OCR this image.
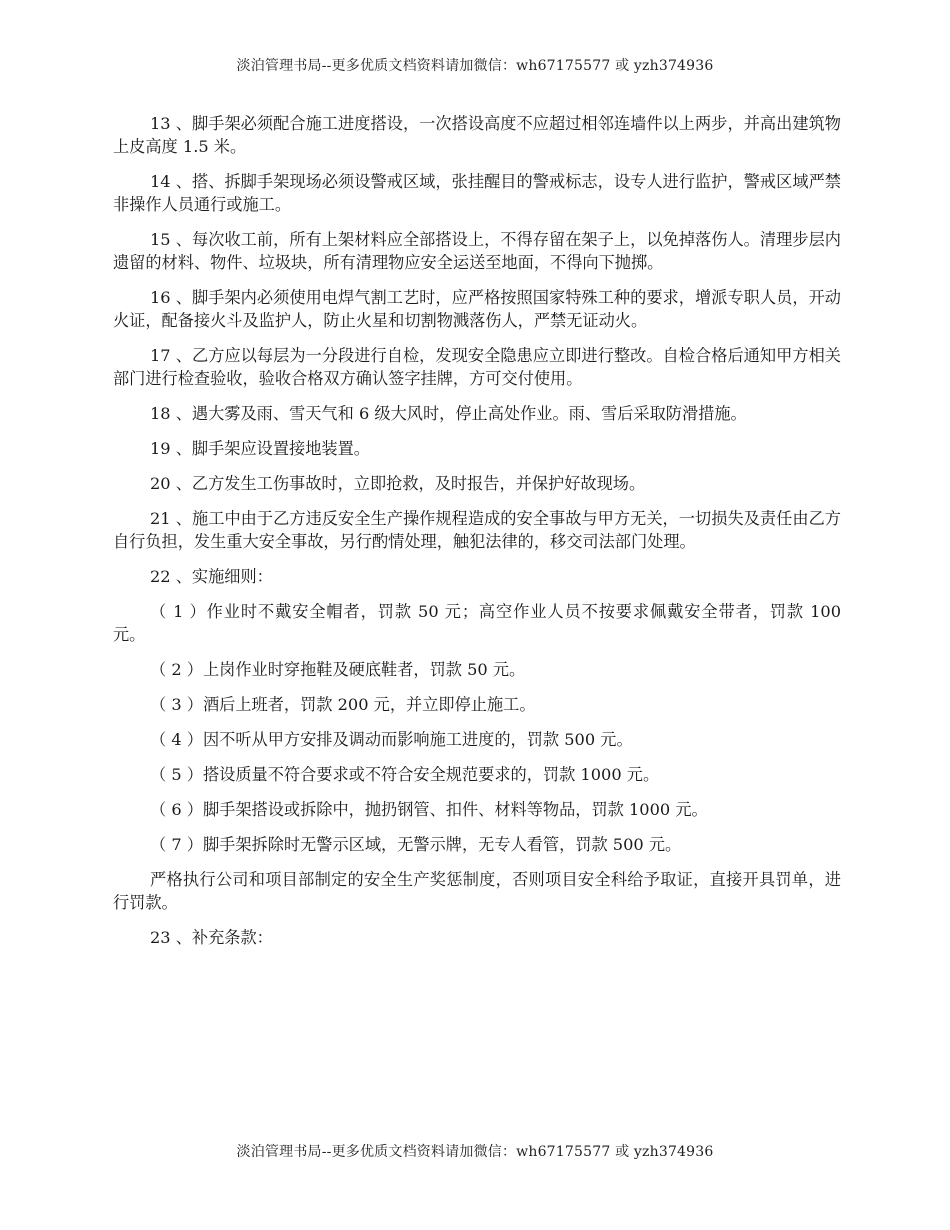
淡泊管理书局--更多优质文档资料请加微信：wh67175577 或 yzh374936

13 、脚手架必须配合施工进度搭设，一次搭设高度不应超过相邻连墙件以上两步，并高出建筑物上皮高度 1.5 米。

14 、搭、拆脚手架现场必须设警戒区域，张挂醒目的警戒标志，设专人进行监护，警戒区域严禁非操作人员通行或施工。

15 、每次收工前，所有上架材料应全部搭设上，不得存留在架子上，以免掉落伤人。清理步层内遗留的材料、物件、垃圾块，所有清理物应安全运送至地面，不得向下抛掷。

16 、脚手架内必须使用电焊气割工艺时，应严格按照国家特殊工种的要求，增派专职人员，开动火证，配备接火斗及监护人，防止火星和切割物溅落伤人，严禁无证动火。

17 、乙方应以每层为一分段进行自检，发现安全隐患应立即进行整改。自检合格后通知甲方相关部门进行检查验收，验收合格双方确认签字挂牌，方可交付使用。

18 、遇大雾及雨、雪天气和 6 级大风时，停止高处作业。雨、雪后采取防滑措施。

19 、脚手架应设置接地装置。

20 、乙方发生工伤事故时，立即抢救，及时报告，并保护好故现场。

21 、施工中由于乙方违反安全生产操作规程造成的安全事故与甲方无关，一切损失及责任由乙方自行负担，发生重大安全事故，另行酌情处理，触犯法律的，移交司法部门处理。

22 、实施细则：

（ 1 ）作业时不戴安全帽者，罚款 50 元；高空作业人员不按要求佩戴安全带者，罚款 100 元。

（ 2 ）上岗作业时穿拖鞋及硬底鞋者，罚款 50 元。

（ 3 ）酒后上班者，罚款 200 元，并立即停止施工。

（ 4 ）因不听从甲方安排及调动而影响施工进度的，罚款 500 元。

（ 5 ）搭设质量不符合要求或不符合安全规范要求的，罚款 1000 元。

（ 6 ）脚手架搭设或拆除中，抛扔钢管、扣件、材料等物品，罚款 1000 元。

（ 7 ）脚手架拆除时无警示区域，无警示牌，无专人看管，罚款 500 元。

严格执行公司和项目部制定的安全生产奖惩制度，否则项目安全科给予取证，直接开具罚单，进行罚款。

23 、补充条款：

淡泊管理书局--更多优质文档资料请加微信：wh67175577 或 yzh374936
